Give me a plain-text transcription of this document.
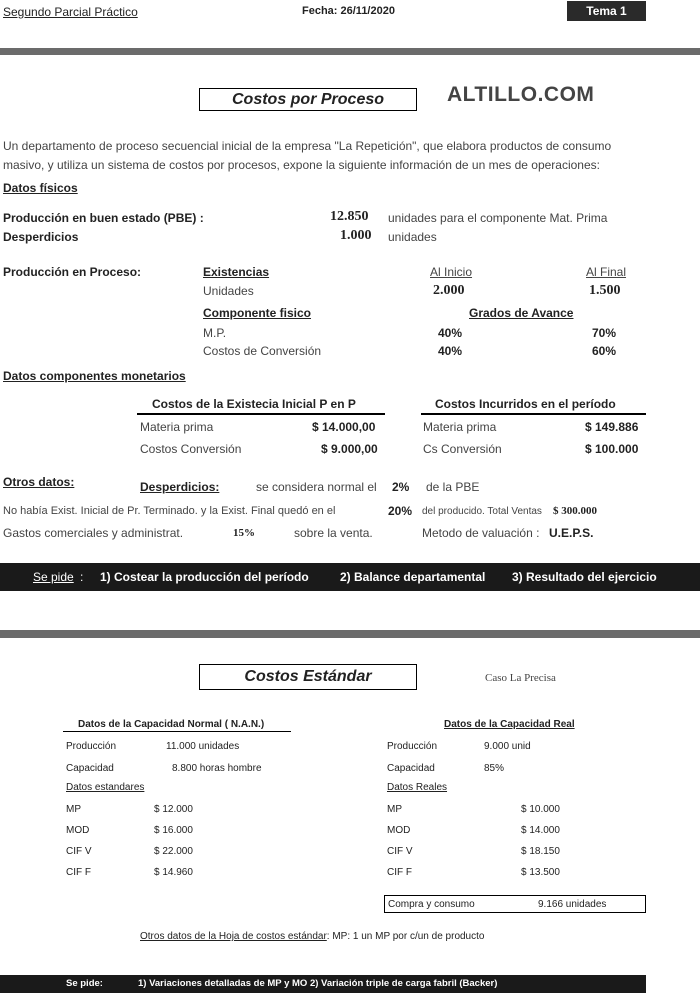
Segundo Parcial Práctico	Fecha: 26/11/2020	Tema 1
Costos por Proceso	ALTILLO.COM
Un departamento de proceso secuencial inicial de la empresa "La Repetición", que elabora productos de consumo
masivo, y utiliza un sistema de costos por procesos, expone la siguiente información de un mes de operaciones:
Datos físicos
Producción en buen estado (PBE) :	12.850 unidades para el componente Mat. Prima
Desperdicios	1.000 unidades
Producción en Proceso:	Existencias	Al Inicio	Al Final
Unidades	2.000	1.500
Componente fisico	Grados de Avance
M.P.	40%	70%
Costos de Conversión	40%	60%
Datos componentes monetarios
Costos de la Existecia Inicial P en P	Costos Incurridos en el período
Materia prima	$ 14.000,00
Costos Conversión	$ 9.000,00
Materia prima	$ 149.886
Cs Conversión	$ 100.000
Otros datos:	Desperdicios:	se considera normal el 2% de la PBE
No había Exist. Inicial de Pr. Terminado. y la Exist. Final quedó en el	20% del producido. Total Ventas $ 300.000
Gastos comerciales y administrat.	15%	sobre la venta.	Metodo de valuación : U.E.P.S.
Se pide : 1) Costear la producción del período	2) Balance departamental 3) Resultado del ejercicio
Costos Estándar	Caso La Precisa
Datos de la Capacidad Normal ( N.A.N.)	Datos de la Capacidad Real
Producción	11.000 unidades
Capacidad	8.800 horas hombre
Datos estandares
MP	$ 12.000
MOD	$ 16.000
CIF V	$ 22.000
CIF F	$ 14.960
Producción	9.000 unid
Capacidad	85%
Datos Reales
MP	$ 10.000
MOD	$ 14.000
CIF V	$ 18.150
CIF F	$ 13.500
Compra y consumo	9.166 unidades
Otros datos de la Hoja de costos estándar: MP: 1 un MP por c/un de producto
Se pide:	1) Variaciones detalladas de MP y MO 2) Variación triple de carga fabril (Backer)
